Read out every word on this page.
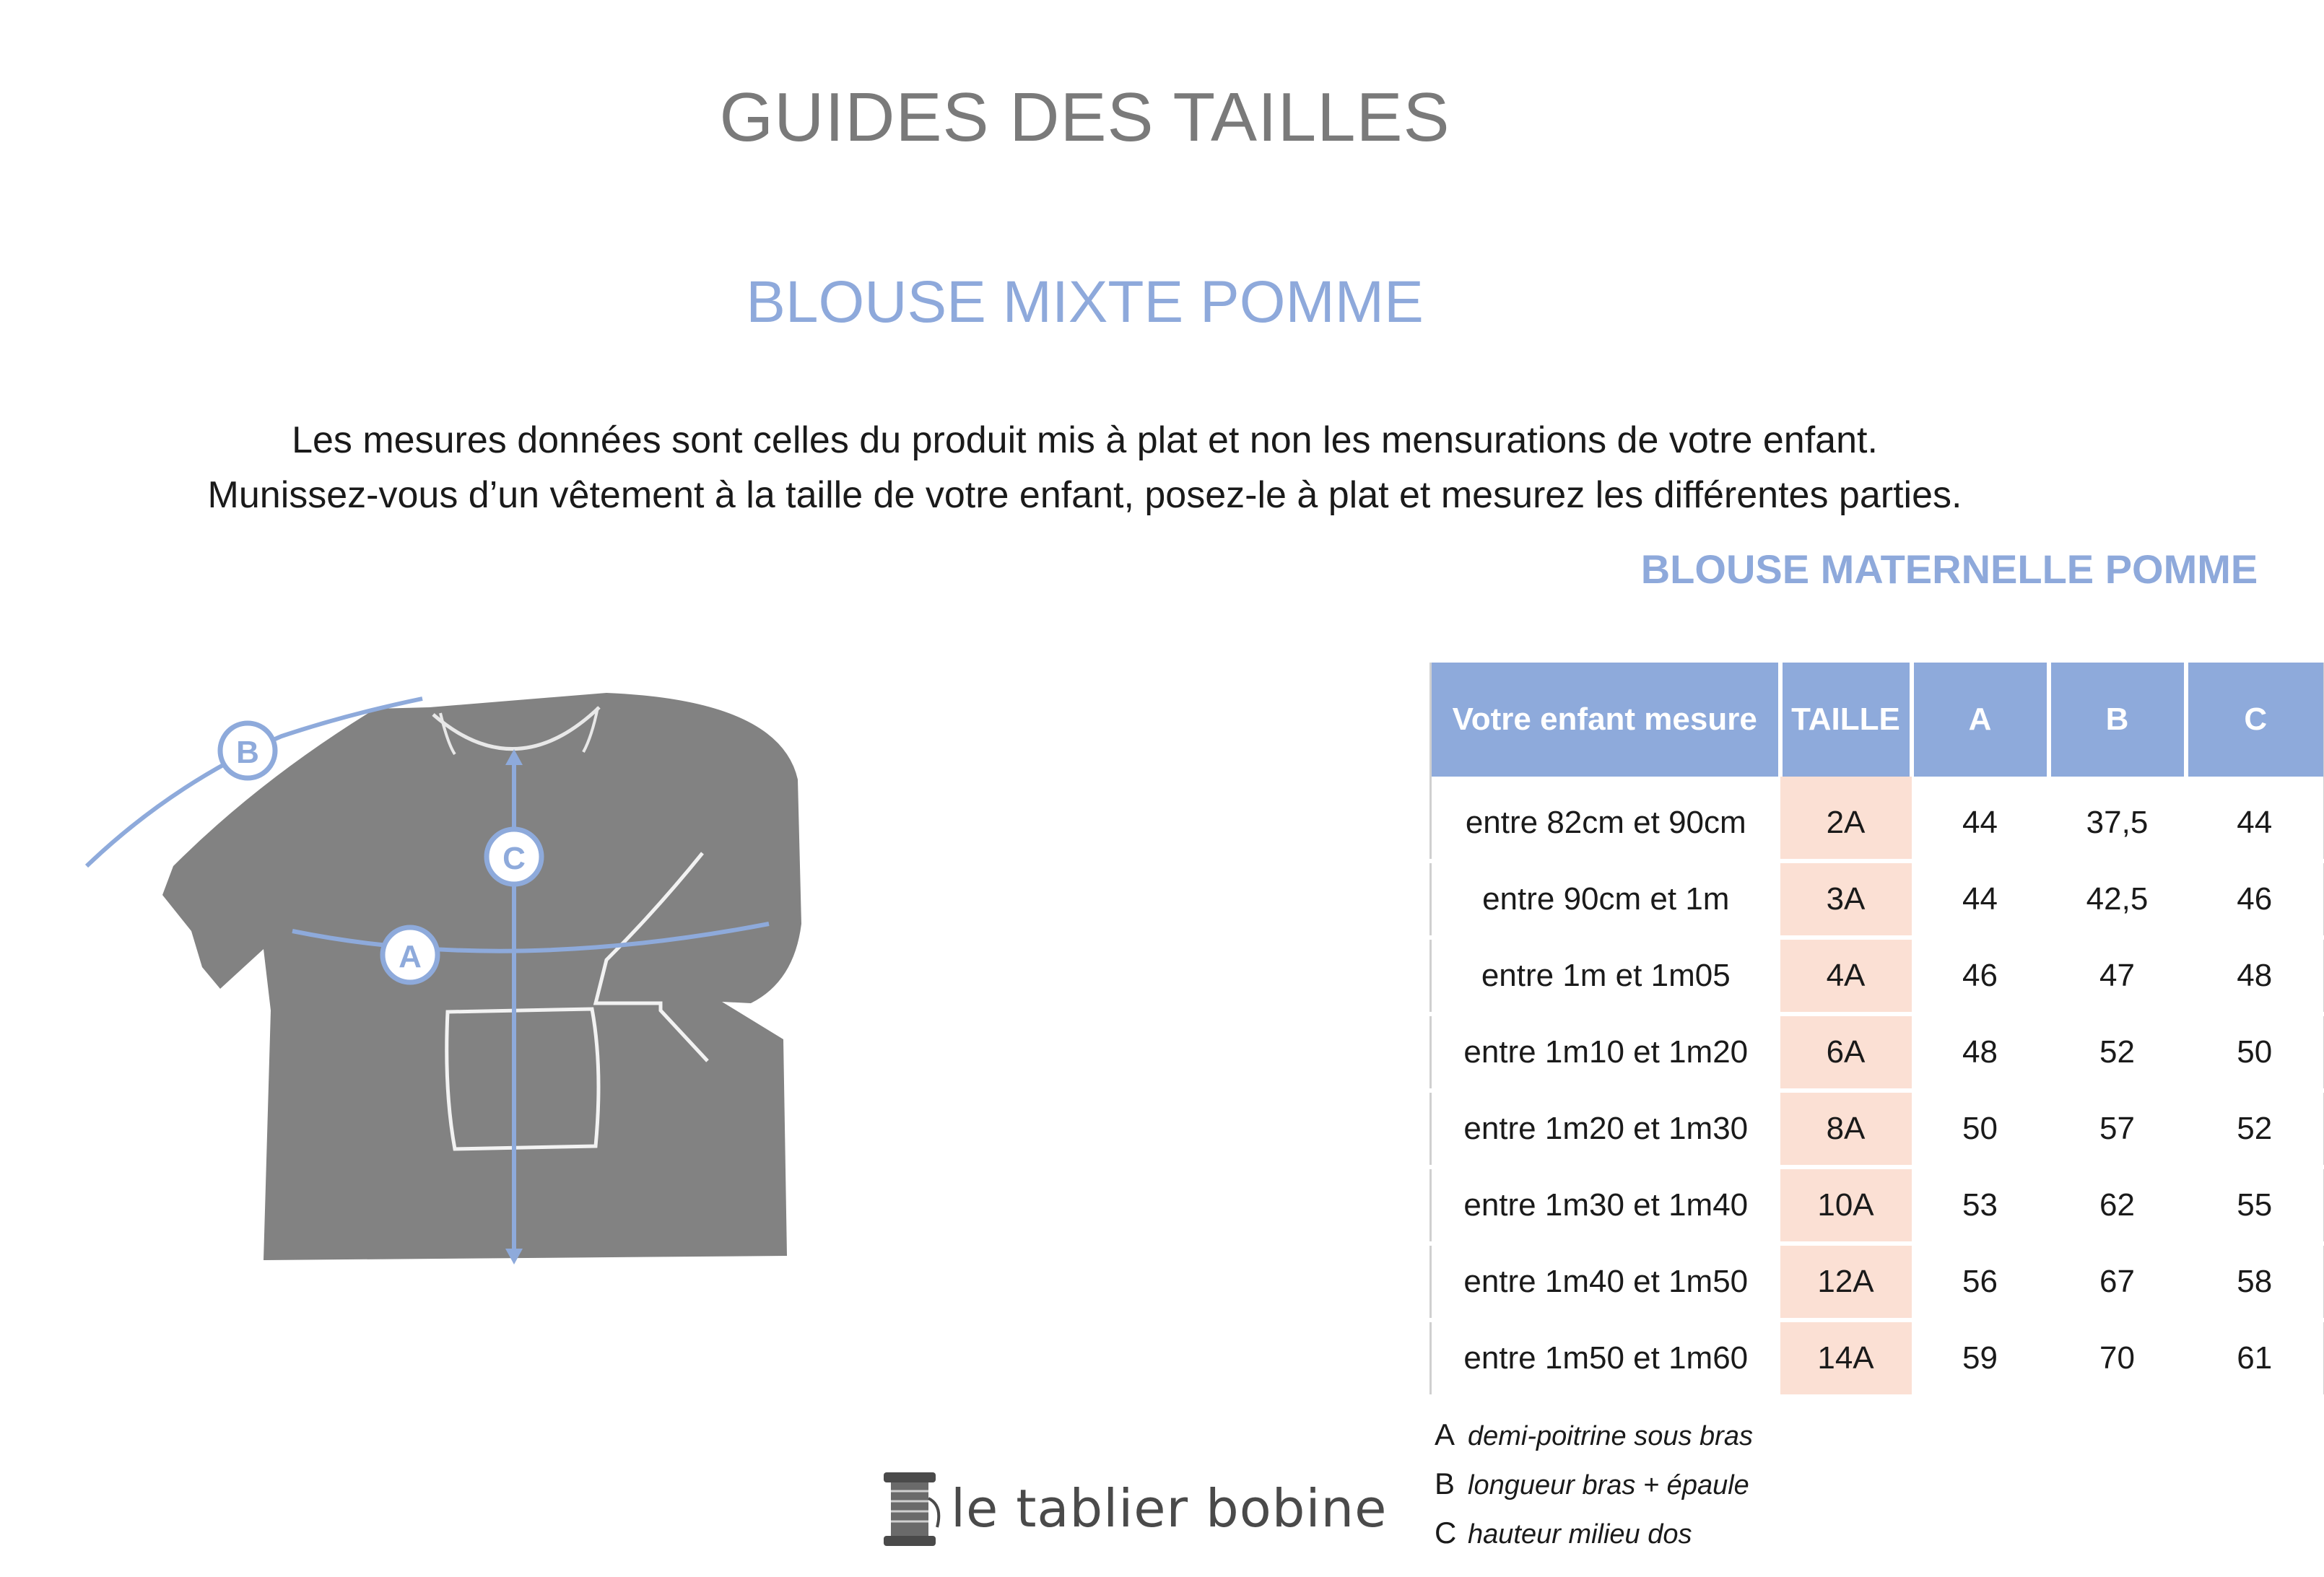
GUIDES DES TAILLES
BLOUSE MIXTE POMME
Les mesures données sont celles du produit mis à plat et non les mensurations de votre enfant.
Munissez-vous d’un vêtement à la taille de votre enfant, posez-le à plat et mesurez les différentes parties.
B
C
A
BLOUSE MATERNELLE POMME
Votre enfant mesure	TAILLE	A	B	C
entre 82cm et 90cm	2A	44	37,5	44
entre 90cm et 1m	3A	44	42,5	46
entre 1m et 1m05	4A	46	47	48
entre 1m10 et 1m20	6A	48	52	50
entre 1m20 et 1m30	8A	50	57	52
entre 1m30 et 1m40	10A	53	62	55
entre 1m40 et 1m50	12A	56	67	58
entre 1m50 et 1m60	14A	59	70	61
A demi-poitrine sous bras
B longueur bras + épaule
C hauteur milieu dos
le tablier bobine
